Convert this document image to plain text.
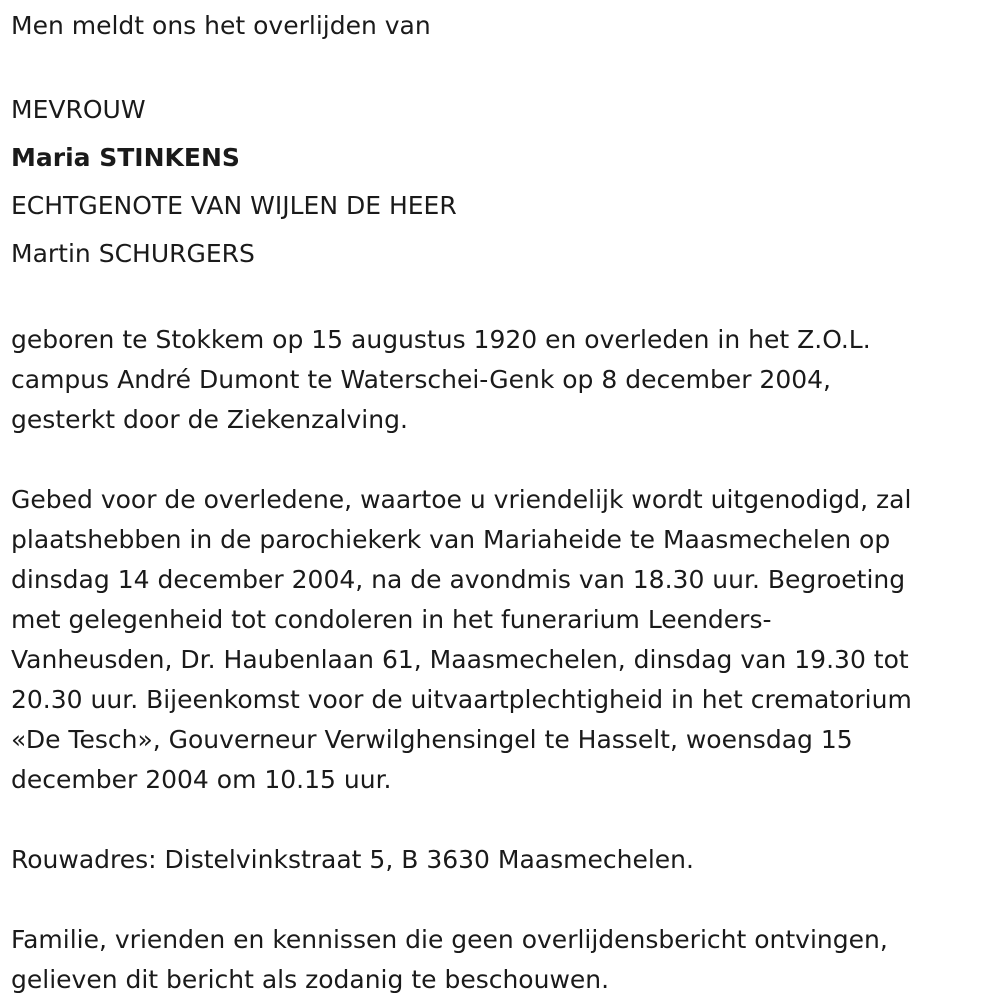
Men meldt ons het overlijden van
MEVROUW
Maria STINKENS
ECHTGENOTE VAN WIJLEN DE HEER
Martin SCHURGERS
geboren te Stokkem op 15 augustus 1920 en overleden in het Z.O.L.
campus André Dumont te Waterschei-Genk op 8 december 2004,
gesterkt door de Ziekenzalving.
Gebed voor de overledene, waartoe u vriendelijk wordt uitgenodigd, zal
plaatshebben in de parochiekerk van Mariaheide te Maasmechelen op
dinsdag 14 december 2004, na de avondmis van 18.30 uur. Begroeting
met gelegenheid tot condoleren in het funerarium Leenders-
Vanheusden, Dr. Haubenlaan 61, Maasmechelen, dinsdag van 19.30 tot
20.30 uur. Bijeenkomst voor de uitvaartplechtigheid in het crematorium
«De Tesch», Gouverneur Verwilghensingel te Hasselt, woensdag 15
december 2004 om 10.15 uur.
Rouwadres: Distelvinkstraat 5, B 3630 Maasmechelen.
Familie, vrienden en kennissen die geen overlijdensbericht ontvingen,
gelieven dit bericht als zodanig te beschouwen.
